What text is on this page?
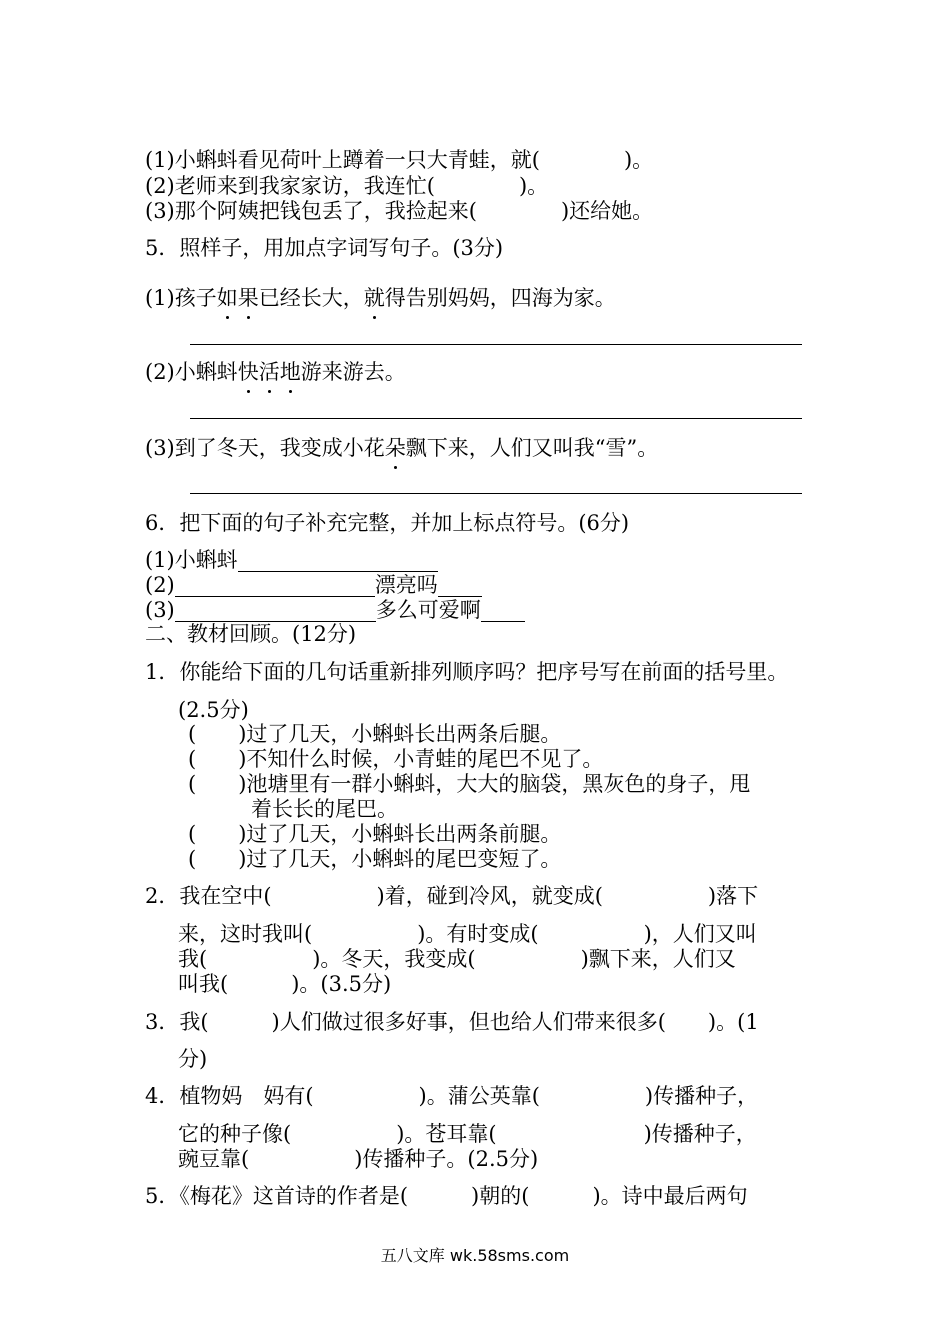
(1)小蝌蚪看见荷叶上蹲着一只大青蛙，就(　　　　)。
(2)老师来到我家家访，我连忙(　　　　)。
(3)那个阿姨把钱包丢了，我捡起来(　　　　)还给她。
5．照样子，用加点字词写句子。(3分)
(1)孩子如果已经长大，就得告别妈妈，四海为家。
(2)小蝌蚪快活地游来游去。
(3)到了冬天，我变成小花朵飘下来，人们又叫我“雪”。
6．把下面的句子补充完整，并加上标点符号。(6分)
(1)小蝌蚪
(2)	漂亮吗
(3)	多么可爱啊
二、教材回顾。(12分)
1．你能给下面的几句话重新排列顺序吗？把序号写在前面的括号里。
(2.5分)
(　　)过了几天，小蝌蚪长出两条后腿。
(　　)不知什么时候，小青蛙的尾巴不见了。
(　　)池塘里有一群小蝌蚪，大大的脑袋，黑灰色的身子，甩
　　　着长长的尾巴。
(　　)过了几天，小蝌蚪长出两条前腿。
(　　)过了几天，小蝌蚪的尾巴变短了。
2．我在空中(　　　　　)着，碰到冷风，就变成(　　　　　)落下
来，这时我叫(　　　　　)。有时变成(　　　　　)，人们又叫
我(　　　　　)。冬天，我变成(　　　　　)飘下来，人们又
叫我(　　　)。(3.5分)
3．我(　　　)人们做过很多好事，但也给人们带来很多(　　)。(1
分)
4．植物妈　妈有(　　　　　)。蒲公英靠(　　　　　)传播种子，
它的种子像(　　　　　)。苍耳靠(　　　　　　　)传播种子，
豌豆靠(　　　　　)传播种子。(2.5分)
5．《梅花》这首诗的作者是(　　　)朝的(　　　)。诗中最后两句
五八文库 wk.58sms.com
